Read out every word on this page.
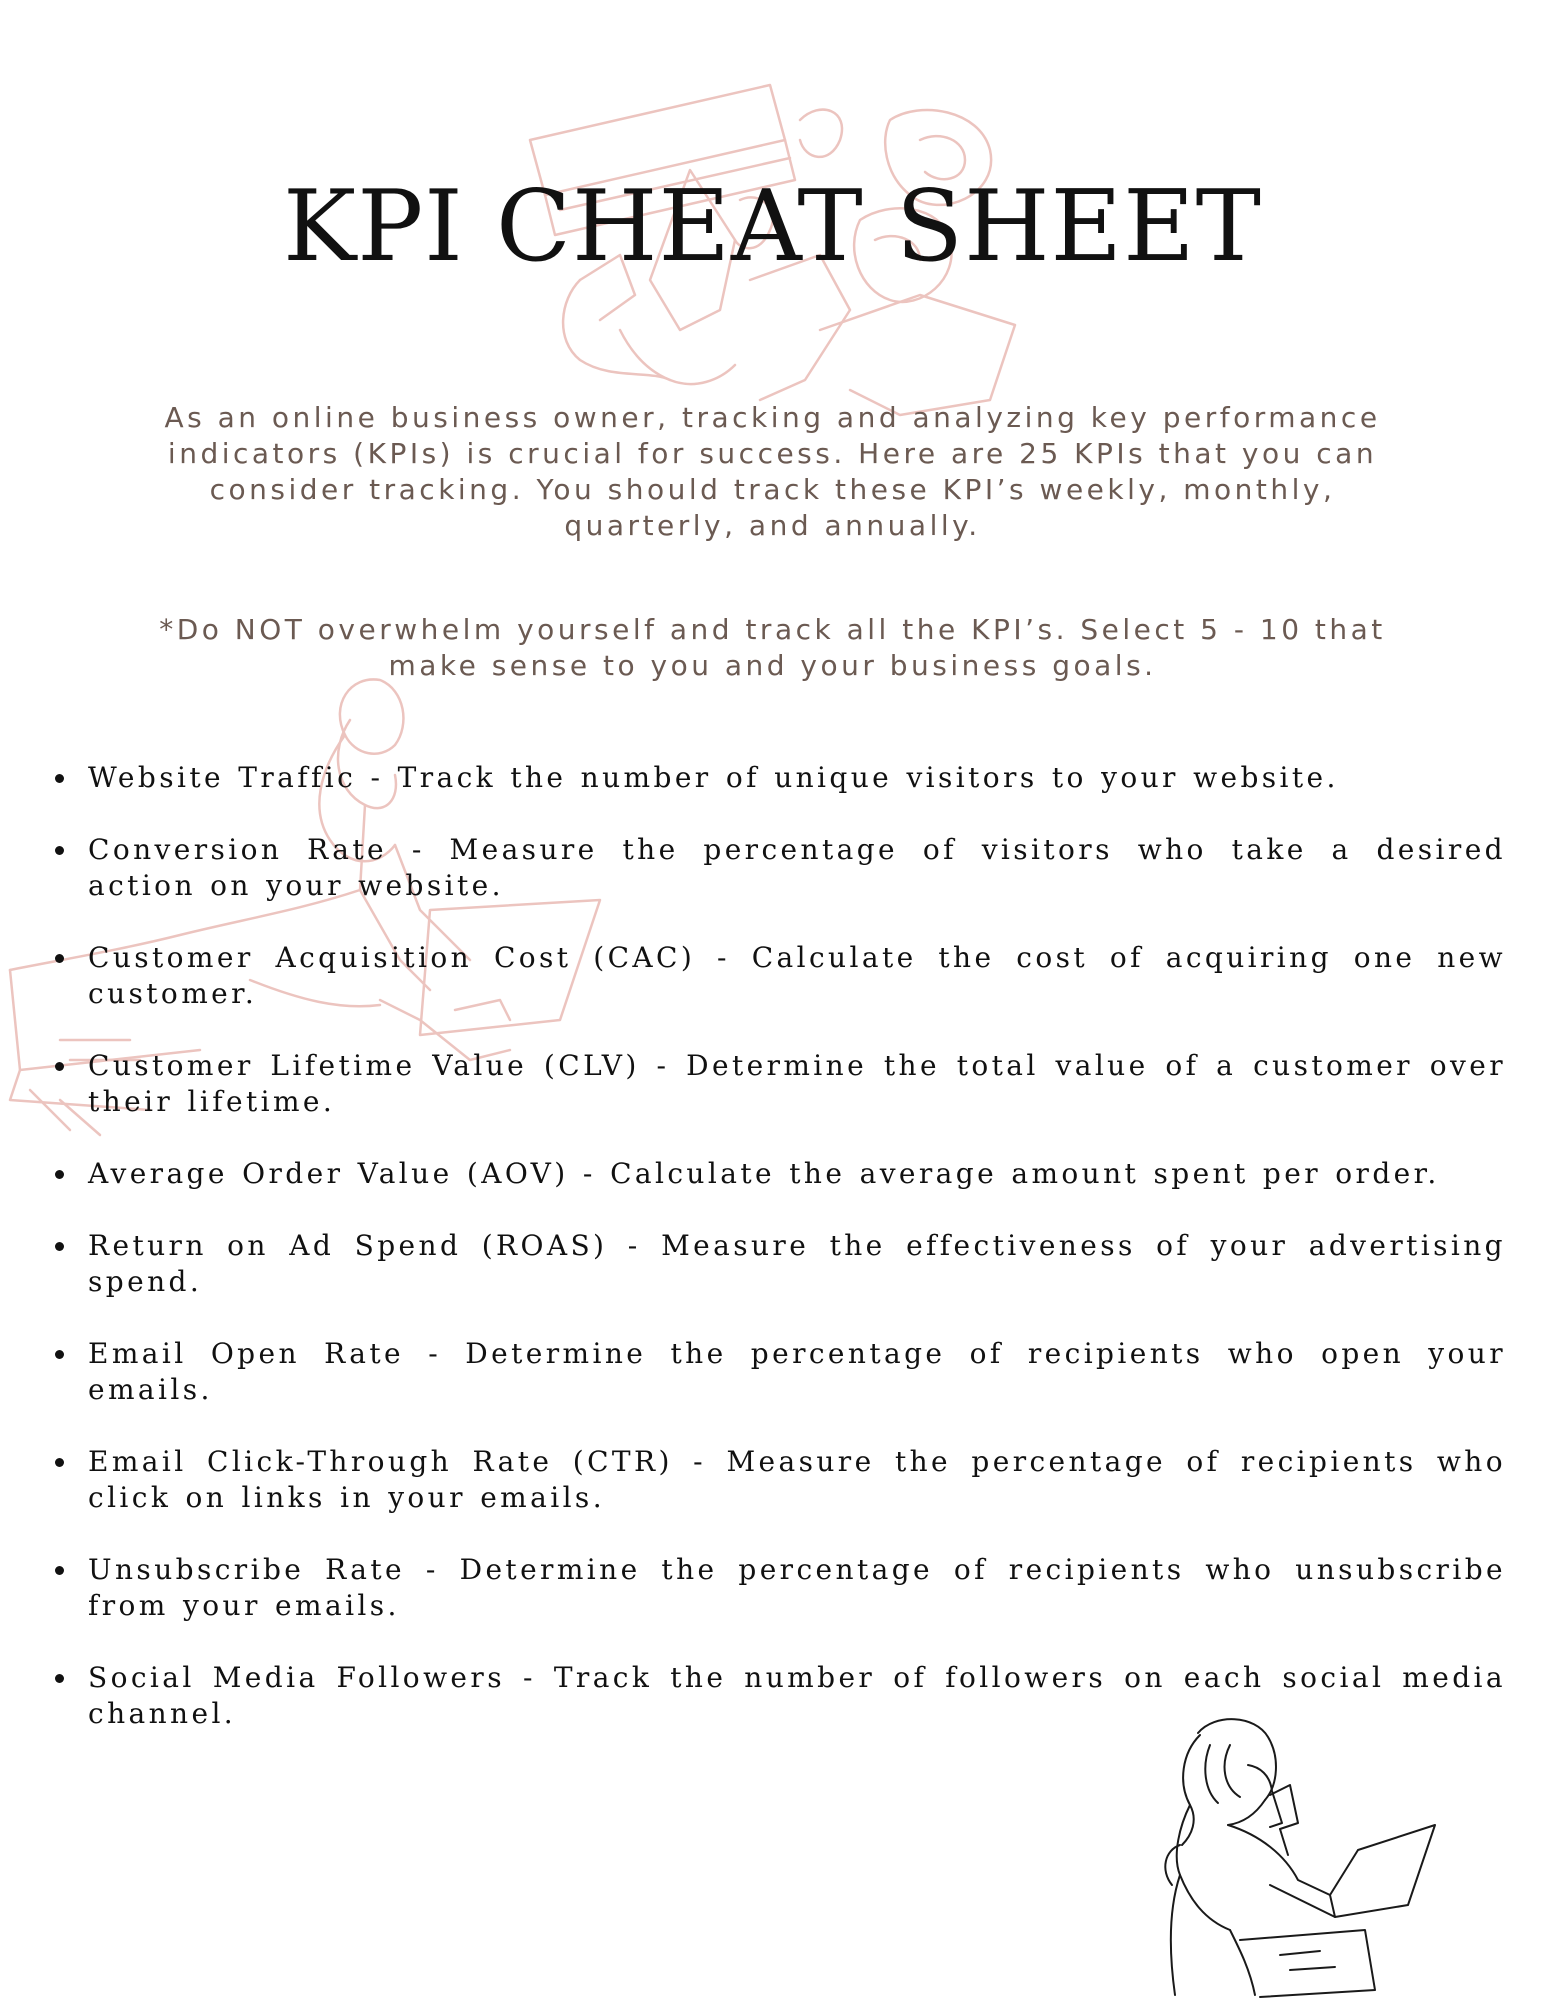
KPI CHEAT SHEET

As an online business owner, tracking and analyzing key performance indicators (KPIs) is crucial for success. Here are 25 KPIs that you can consider tracking. You should track these KPI’s weekly, monthly, quarterly, and annually.

*Do NOT overwhelm yourself and track all the KPI’s. Select 5 - 10 that make sense to you and your business goals.

Website Traffic - Track the number of unique visitors to your website.
Conversion Rate - Measure the percentage of visitors who take a desired action on your website.
Customer Acquisition Cost (CAC) - Calculate the cost of acquiring one new customer.
Customer Lifetime Value (CLV) - Determine the total value of a customer over their lifetime.
Average Order Value (AOV) - Calculate the average amount spent per order.
Return on Ad Spend (ROAS) - Measure the effectiveness of your advertising spend.
Email Open Rate - Determine the percentage of recipients who open your emails.
Email Click-Through Rate (CTR) - Measure the percentage of recipients who click on links in your emails.
Unsubscribe Rate - Determine the percentage of recipients who unsubscribe from your emails.
Social Media Followers - Track the number of followers on each social media channel.
